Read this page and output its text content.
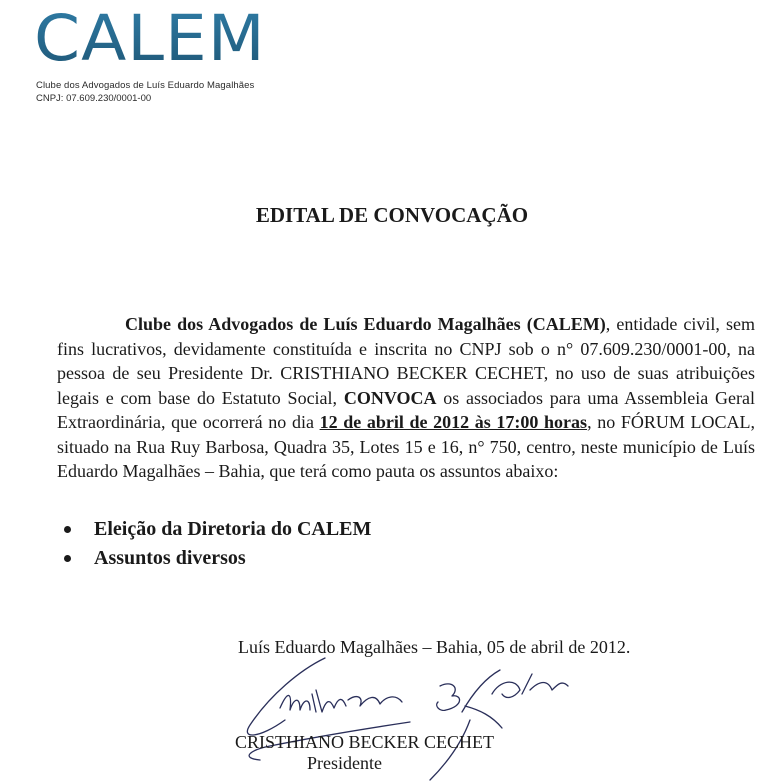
CALEM
Clube dos Advogados de Luís Eduardo Magalhães
CNPJ: 07.609.230/0001-00
EDITAL DE CONVOCAÇÃO

Clube dos Advogados de Luís Eduardo Magalhães (CALEM), entidade civil, sem fins lucrativos, devidamente constituída e inscrita no CNPJ sob o n° 07.609.230/0001-00, na pessoa de seu Presidente Dr. CRISTHIANO BECKER CECHET, no uso de suas atribuições legais e com base do Estatuto Social, CONVOCA os associados para uma Assembleia Geral Extraordinária, que ocorrerá no dia 12 de abril de 2012 às 17:00 horas, no FÓRUM LOCAL, situado na Rua Ruy Barbosa, Quadra 35, Lotes 15 e 16, n° 750, centro, neste município de Luís Eduardo Magalhães – Bahia, que terá como pauta os assuntos abaixo:

Eleição da Diretoria do CALEM
Assuntos diversos
Luís Eduardo Magalhães – Bahia, 05 de abril de 2012.
CRISTHIANO BECKER CECHET
Presidente
